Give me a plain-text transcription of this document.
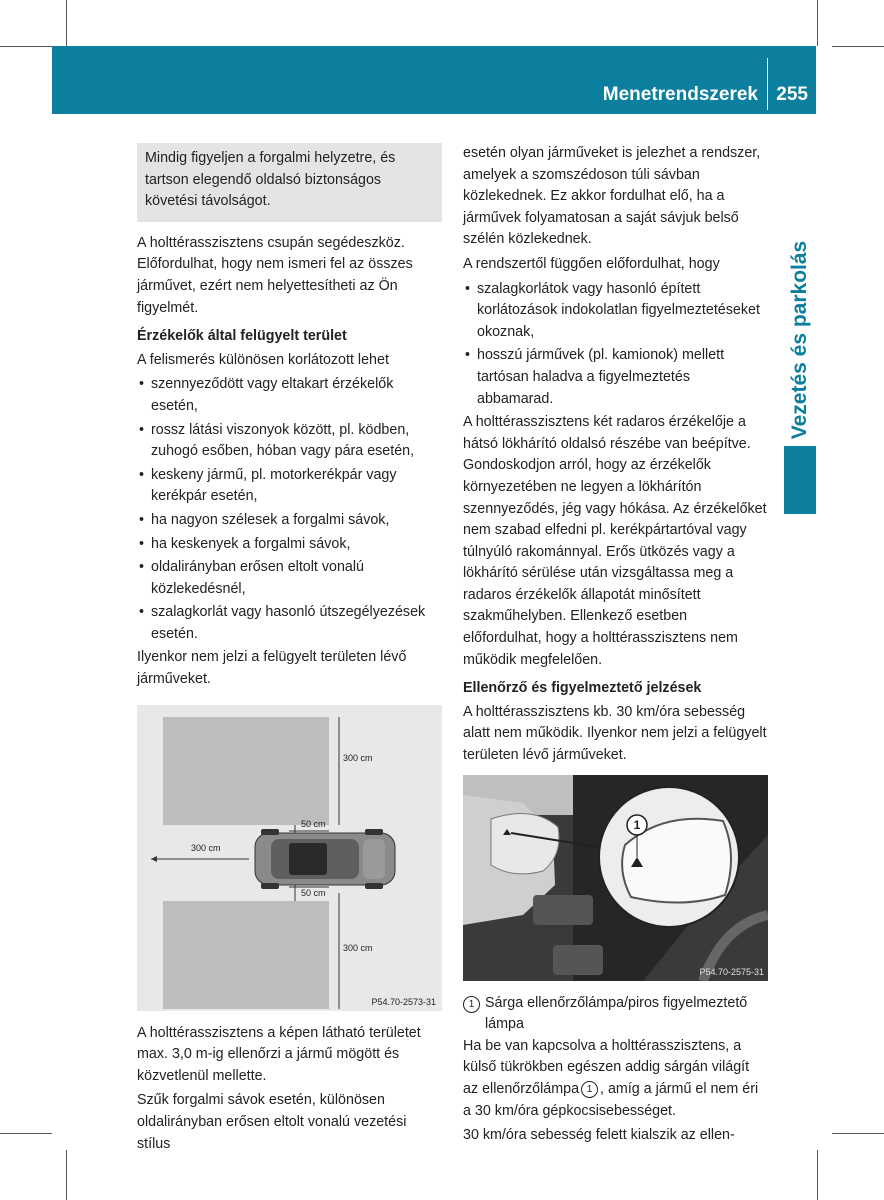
Menetrendszerek 255
Vezetés és parkolás
Mindig figyeljen a forgalmi helyzetre, és tartson elegendő oldalsó biztonságos követési távolságot.

A holttérasszisztens csupán segédeszköz. Előfordulhat, hogy nem ismeri fel az összes járművet, ezért nem helyettesítheti az Ön figyelmét.

Érzékelők által felügyelt terület

A felismerés különösen korlátozott lehet

• szennyeződött vagy eltakart érzékelők esetén,
• rossz látási viszonyok között, pl. ködben, zuhogó esőben, hóban vagy pára esetén,
• keskeny jármű, pl. motorkerékpár vagy kerékpár esetén,
• ha nagyon szélesek a forgalmi sávok,
• ha keskenyek a forgalmi sávok,
• oldalirányban erősen eltolt vonalú közlekedésnél,
• szalagkorlát vagy hasonló útszegélyezések esetén.

Ilyenkor nem jelzi a felügyelt területen lévő járműveket.

300 cm
300 cm
300 cm
50 cm
50 cm
P54.70-2573-31

A holttérasszisztens a képen látható területet max. 3,0 m-ig ellenőrzi a jármű mögött és közvetlenül mellette.

Szűk forgalmi sávok esetén, különösen oldalirányban erősen eltolt vonalú vezetési stílus

esetén olyan járműveket is jelezhet a rendszer, amelyek a szomszédoson túli sávban közlekednek. Ez akkor fordulhat elő, ha a járművek folyamatosan a saját sávjuk belső szélén közlekednek.

A rendszertől függően előfordulhat, hogy

• szalagkorlátok vagy hasonló épített korlátozások indokolatlan figyelmeztetéseket okoznak,
• hosszú járművek (pl. kamionok) mellett tartósan haladva a figyelmeztetés abbamarad.

A holttérasszisztens két radaros érzékelője a hátsó lökhárító oldalsó részébe van beépítve. Gondoskodjon arról, hogy az érzékelők környezetében ne legyen a lökhárítón szennyeződés, jég vagy hókása. Az érzékelőket nem szabad elfedni pl. kerékpártartóval vagy túlnyúló rakománnyal. Erős ütközés vagy a lökhárító sérülése után vizsgáltassa meg a radaros érzékelők állapotát minősített szakműhelyben. Ellenkező esetben előfordulhat, hogy a holttérasszisztens nem működik megfelelően.

Ellenőrző és figyelmeztető jelzések

A holttérasszisztens kb. 30 km/óra sebesség alatt nem működik. Ilyenkor nem jelzi a felügyelt területen lévő járműveket.

1
P54.70-2575-31
1 Sárga ellenőrzőlámpa/piros figyelmeztető lámpa

Ha be van kapcsolva a holttérasszisztens, a külső tükrökben egészen addig sárgán világít az ellenőrzőlámpa 1 , amíg a jármű el nem éri a 30 km/óra gépkocsisebességet.

30 km/óra sebesség felett kialszik az ellen-
